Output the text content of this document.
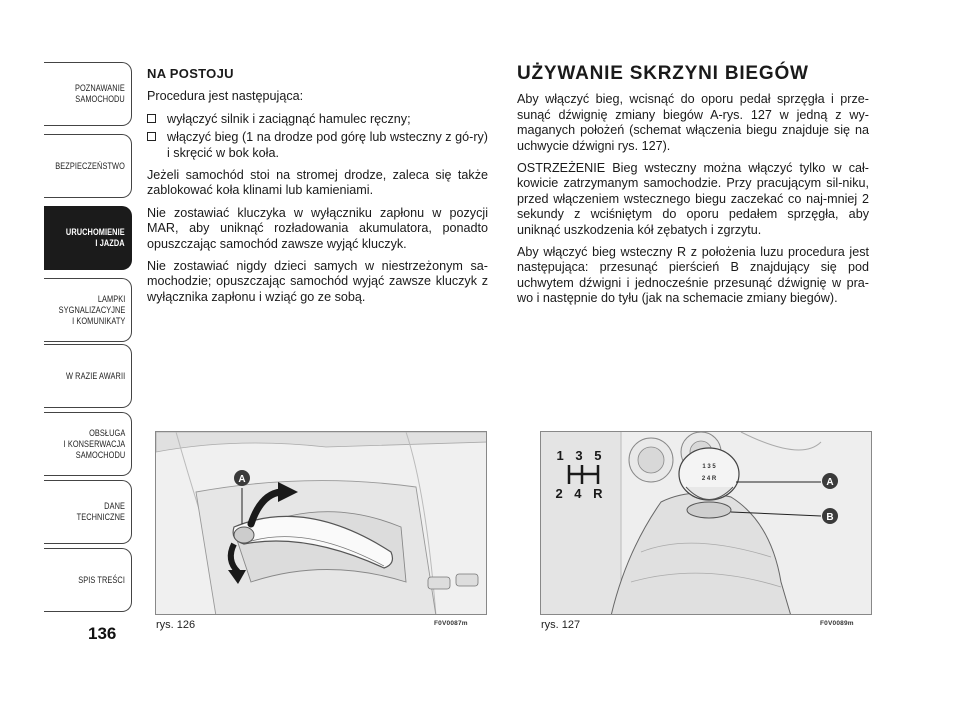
POZNAWANIE
SAMOCHODU
BEZPIECZEŃSTWO
URUCHOMIENIE
I JAZDA
LAMPKI
SYGNALIZACYJNE
I KOMUNIKATY
W RAZIE AWARII
OBSŁUGA
I KONSERWACJA
SAMOCHODU
DANE
TECHNICZNE
SPIS TREŚCI
136

NA POSTOJU

Procedura jest następująca:

wyłączyć silnik i zaciągnąć hamulec ręczny;
włączyć bieg (1 na drodze pod górę lub wsteczny z gó-ry) i skręcić w bok koła.

Jeżeli samochód stoi na stromej drodze, zaleca się także zablokować koła klinami lub kamieniami.

Nie zostawiać kluczyka w wyłączniku zapłonu w pozycji MAR, aby uniknąć rozładowania akumulatora, ponadto opuszczając samochód zawsze wyjąć kluczyk.

Nie zostawiać nigdy dzieci samych w niestrzeżonym sa-mochodzie; opuszczając samochód wyjąć zawsze kluczyk z wyłącznika zapłonu i wziąć go ze sobą.

UŻYWANIE SKRZYNI BIEGÓW

Aby włączyć bieg, wcisnąć do oporu pedał sprzęgła i prze-sunąć dźwignię zmiany biegów A-rys. 127 w jedną z wy-maganych położeń (schemat włączenia biegu znajduje się na uchwycie dźwigni rys. 127).

OSTRZEŻENIE Bieg wsteczny można włączyć tylko w cał-kowicie zatrzymanym samochodzie. Przy pracującym sil-niku, przed włączeniem wstecznego biegu zaczekać co naj-mniej 2 sekundy z wciśniętym do oporu pedałem sprzęgła, aby uniknąć uszkodzenia kół zębatych i zgrzytu.

Aby włączyć bieg wsteczny R z położenia luzu procedura jest następująca: przesunąć pierścień B znajdujący się pod uchwytem dźwigni i jednocześnie przesunąć dźwignię w pra-wo i następnie do tyłu (jak na schemacie zmiany biegów).

A
rys. 126	F0V0087m
1 3 5
2 4 R
1 3 5
2 4 R
A
B
rys. 127	F0V0089m
